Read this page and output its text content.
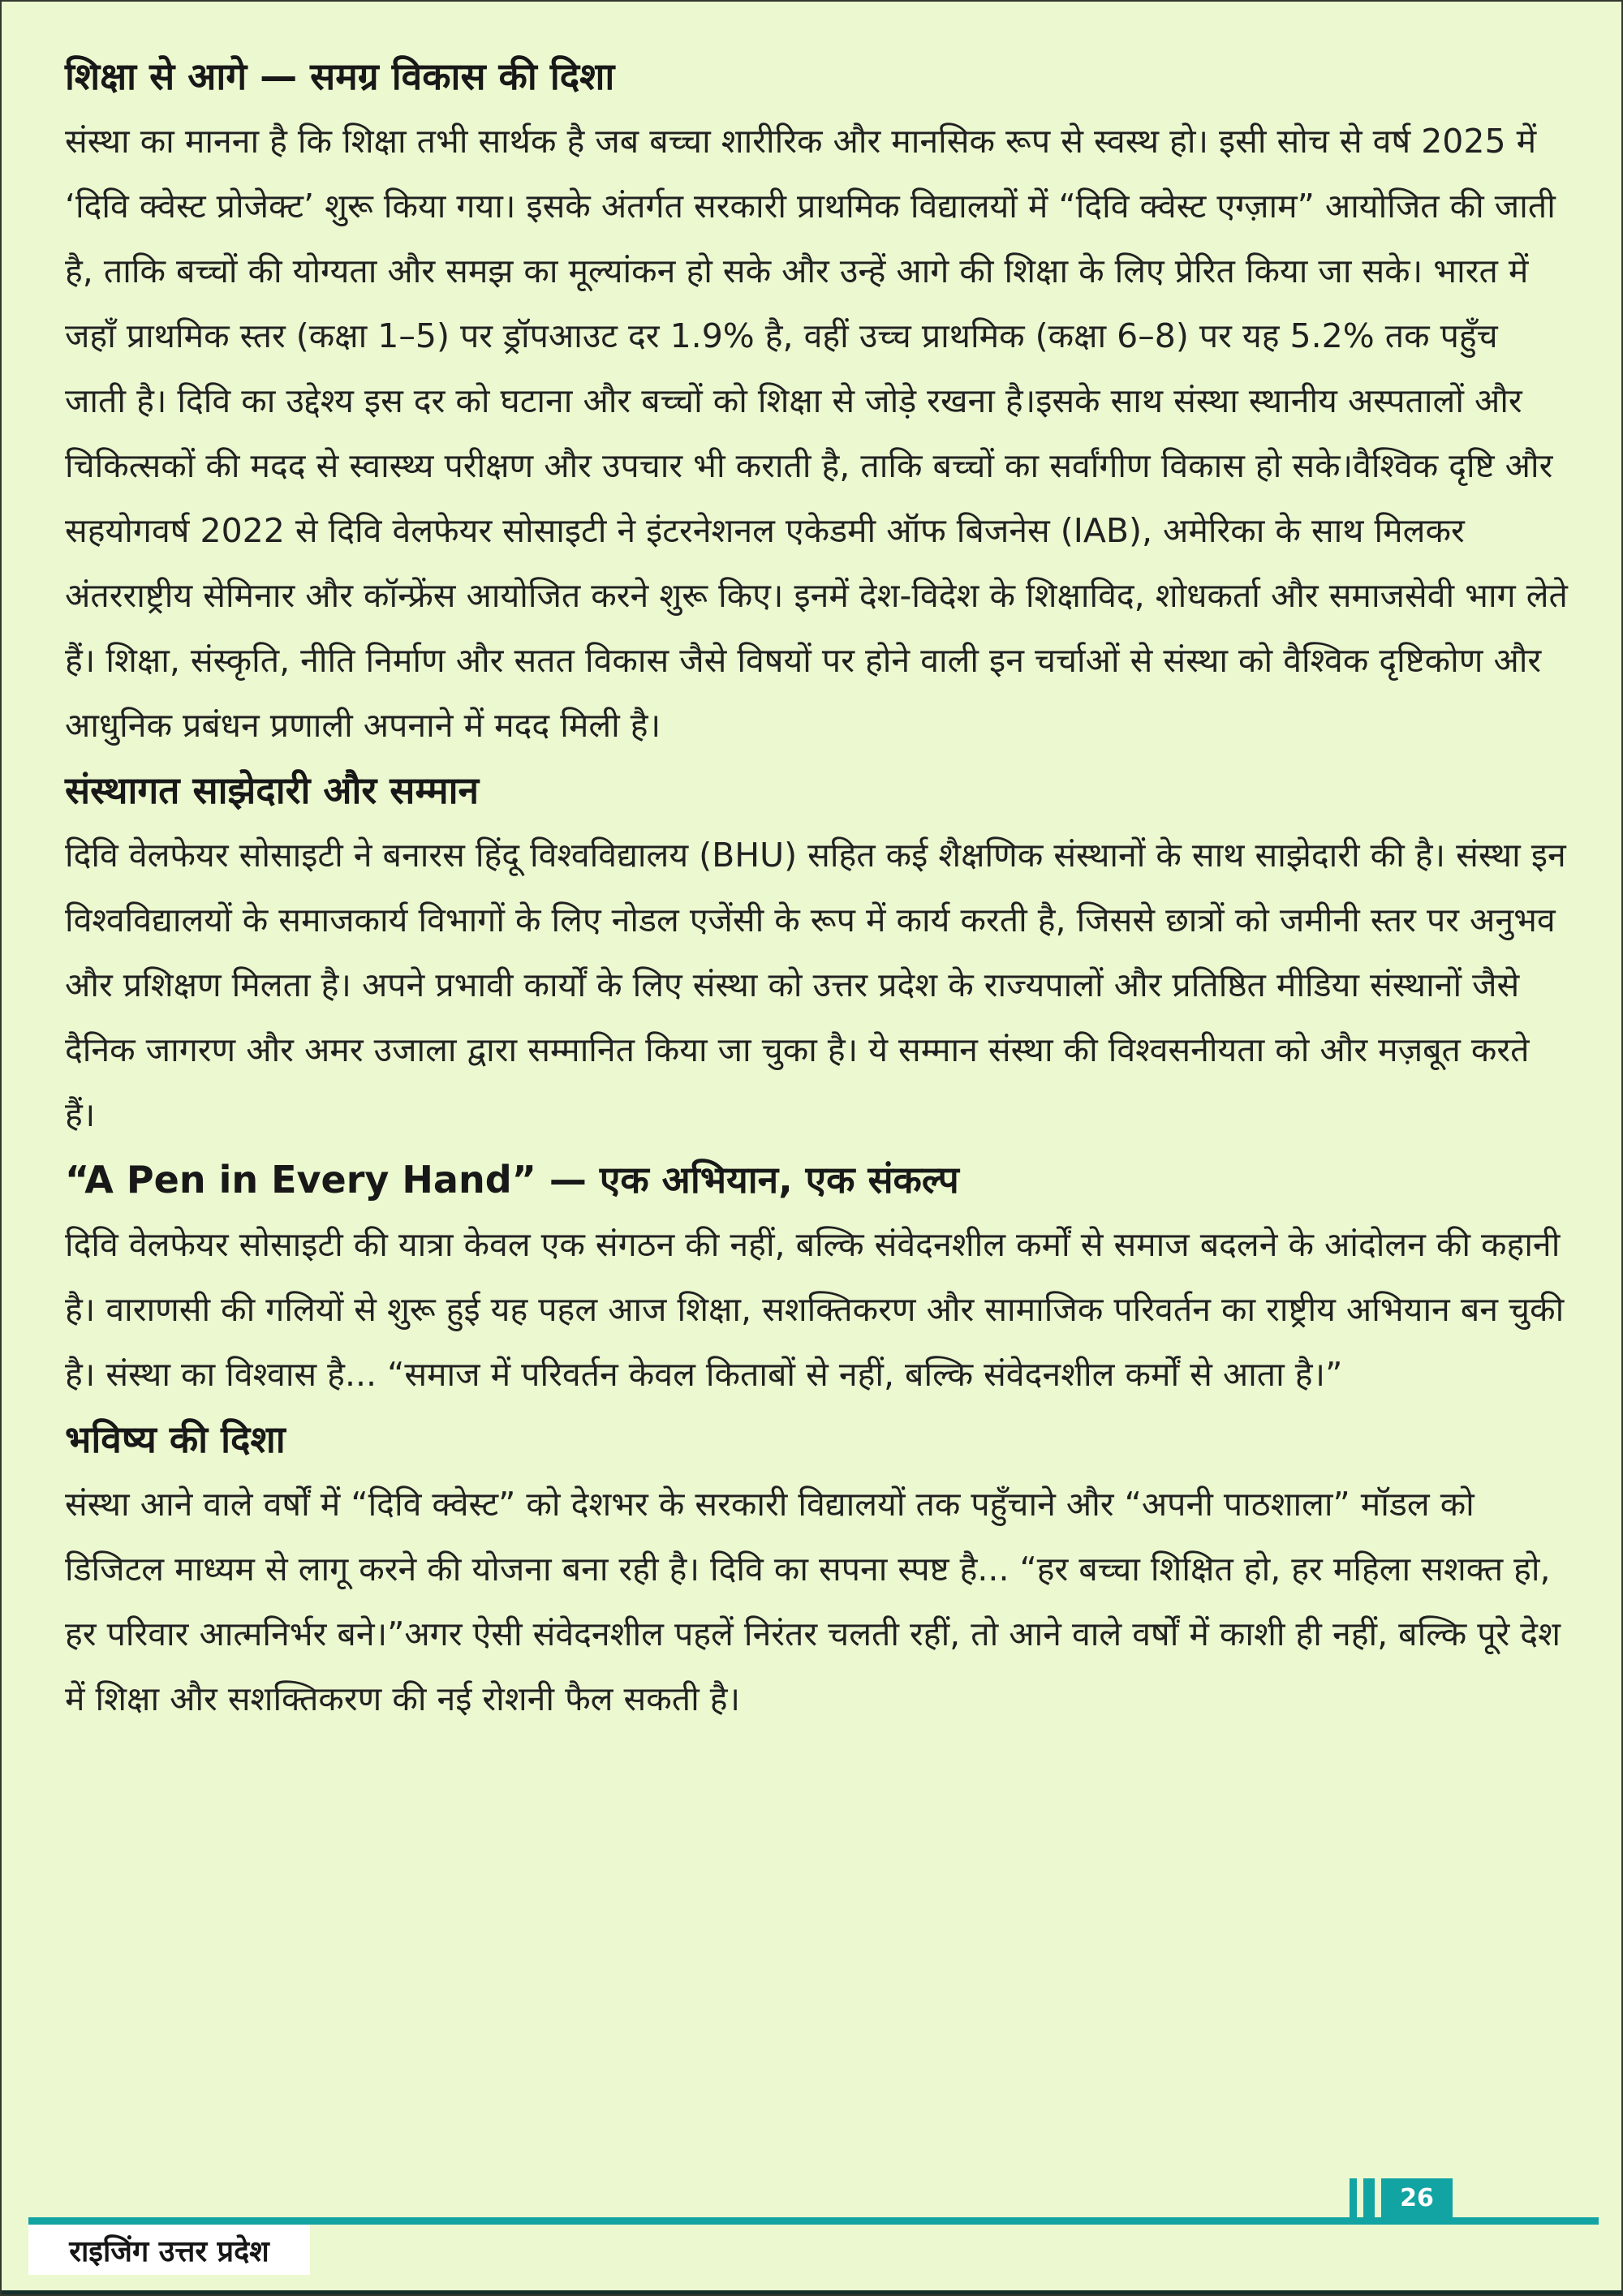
शिक्षा से आगे — समग्र विकास की दिशा

संस्था का मानना है कि शिक्षा तभी सार्थक है जब बच्चा शारीरिक और मानसिक रूप से स्वस्थ हो। इसी सोच से वर्ष 2025 में ‘दिवि क्वेस्ट प्रोजेक्ट’ शुरू किया गया। इसके अंतर्गत सरकारी प्राथमिक विद्यालयों में “दिवि क्वेस्ट एग्ज़ाम” आयोजित की जाती है, ताकि बच्चों की योग्यता और समझ का मूल्यांकन हो सके और उन्हें आगे की शिक्षा के लिए प्रेरित किया जा सके। भारत में जहाँ प्राथमिक स्तर (कक्षा 1–5) पर ड्रॉपआउट दर 1.9% है, वहीं उच्च प्राथमिक (कक्षा 6–8) पर यह 5.2% तक पहुँच जाती है। दिवि का उद्देश्य इस दर को घटाना और बच्चों को शिक्षा से जोड़े रखना है।इसके साथ संस्था स्थानीय अस्पतालों और चिकित्सकों की मदद से स्वास्थ्य परीक्षण और उपचार भी कराती है, ताकि बच्चों का सर्वांगीण विकास हो सके।वैश्विक दृष्टि और सहयोगवर्ष 2022 से दिवि वेलफेयर सोसाइटी ने इंटरनेशनल एकेडमी ऑफ बिजनेस (IAB), अमेरिका के साथ मिलकर अंतरराष्ट्रीय सेमिनार और कॉन्फ्रेंस आयोजित करने शुरू किए। इनमें देश-विदेश के शिक्षाविद, शोधकर्ता और समाजसेवी भाग लेते हैं। शिक्षा, संस्कृति, नीति निर्माण और सतत विकास जैसे विषयों पर होने वाली इन चर्चाओं से संस्था को वैश्विक दृष्टिकोण और आधुनिक प्रबंधन प्रणाली अपनाने में मदद मिली है।

संस्थागत साझेदारी और सम्मान

दिवि वेलफेयर सोसाइटी ने बनारस हिंदू विश्वविद्यालय (BHU) सहित कई शैक्षणिक संस्थानों के साथ साझेदारी की है। संस्था इन विश्वविद्यालयों के समाजकार्य विभागों के लिए नोडल एजेंसी के रूप में कार्य करती है, जिससे छात्रों को जमीनी स्तर पर अनुभव और प्रशिक्षण मिलता है। अपने प्रभावी कार्यों के लिए संस्था को उत्तर प्रदेश के राज्यपालों और प्रतिष्ठित मीडिया संस्थानों जैसे दैनिक जागरण और अमर उजाला द्वारा सम्मानित किया जा चुका है। ये सम्मान संस्था की विश्वसनीयता को और मज़बूत करते हैं।

“A Pen in Every Hand” — एक अभियान, एक संकल्प

दिवि वेलफेयर सोसाइटी की यात्रा केवल एक संगठन की नहीं, बल्कि संवेदनशील कर्मों से समाज बदलने के आंदोलन की कहानी है। वाराणसी की गलियों से शुरू हुई यह पहल आज शिक्षा, सशक्तिकरण और सामाजिक परिवर्तन का राष्ट्रीय अभियान बन चुकी है। संस्था का विश्वास है... “समाज में परिवर्तन केवल किताबों से नहीं, बल्कि संवेदनशील कर्मों से आता है।”

भविष्य की दिशा

संस्था आने वाले वर्षों में “दिवि क्वेस्ट” को देशभर के सरकारी विद्यालयों तक पहुँचाने और “अपनी पाठशाला” मॉडल को डिजिटल माध्यम से लागू करने की योजना बना रही है। दिवि का सपना स्पष्ट है... “हर बच्चा शिक्षित हो, हर महिला सशक्त हो, हर परिवार आत्मनिर्भर बने।”अगर ऐसी संवेदनशील पहलें निरंतर चलती रहीं, तो आने वाले वर्षों में काशी ही नहीं, बल्कि पूरे देश में शिक्षा और सशक्तिकरण की नई रोशनी फैल सकती है।

26
राइजिंग उत्तर प्रदेश
